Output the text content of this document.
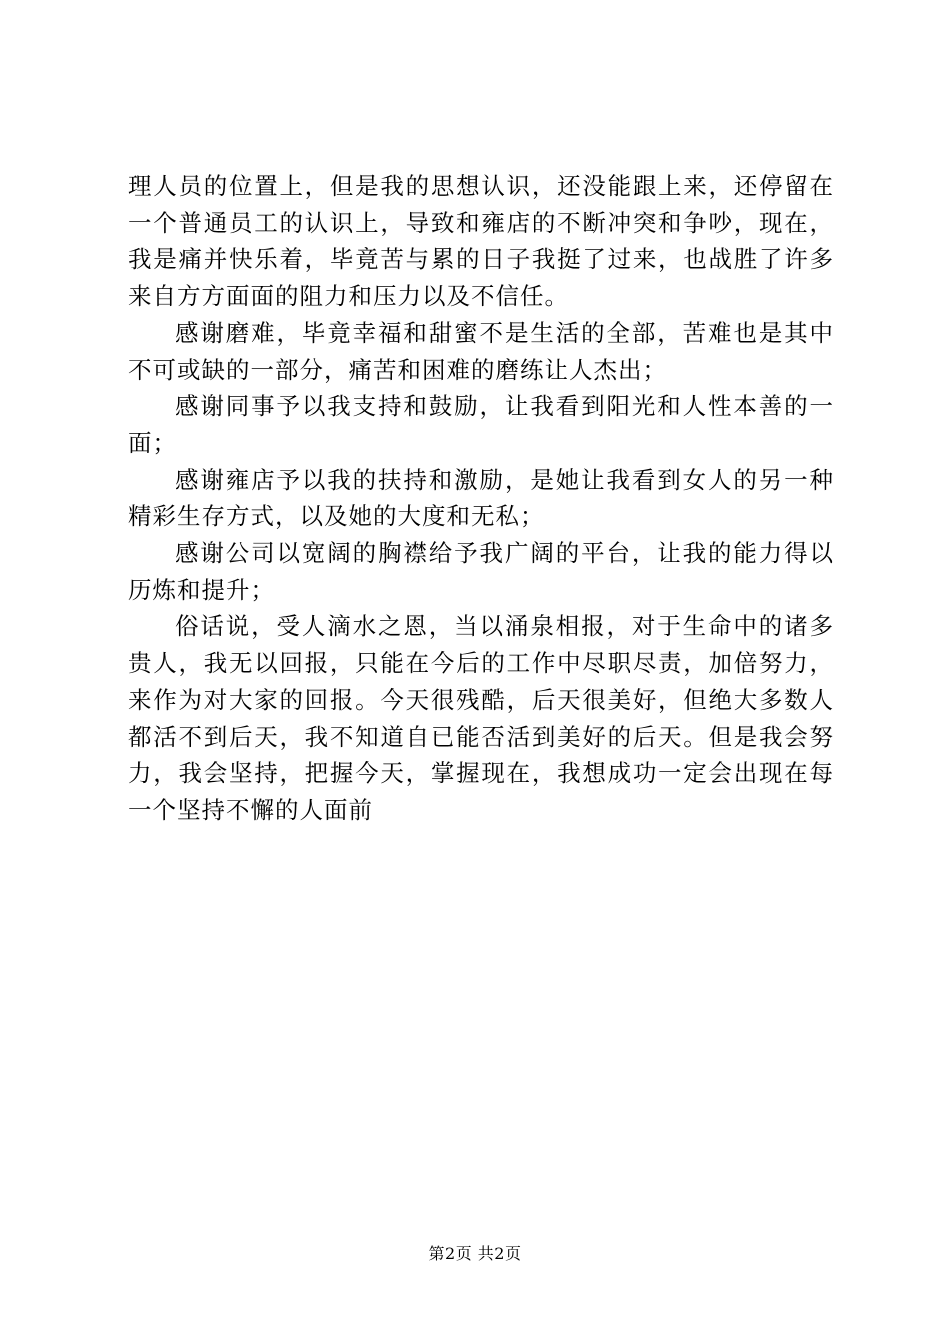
理人员的位置上，但是我的思想认识，还没能跟上来，还停留在一个普通员工的认识上，导致和雍店的不断冲突和争吵，现在，我是痛并快乐着，毕竟苦与累的日子我挺了过来，也战胜了许多来自方方面面的阻力和压力以及不信任。

感谢磨难，毕竟幸福和甜蜜不是生活的全部，苦难也是其中不可或缺的一部分，痛苦和困难的磨练让人杰出；

感谢同事予以我支持和鼓励，让我看到阳光和人性本善的一面；

感谢雍店予以我的扶持和激励，是她让我看到女人的另一种精彩生存方式，以及她的大度和无私；

感谢公司以宽阔的胸襟给予我广阔的平台，让我的能力得以历炼和提升；

俗话说，受人滴水之恩，当以涌泉相报，对于生命中的诸多贵人，我无以回报，只能在今后的工作中尽职尽责，加倍努力，来作为对大家的回报。今天很残酷，后天很美好，但绝大多数人都活不到后天，我不知道自已能否活到美好的后天。但是我会努力，我会坚持，把握今天，掌握现在，我想成功一定会出现在每一个坚持不懈的人面前

第2页 共2页
